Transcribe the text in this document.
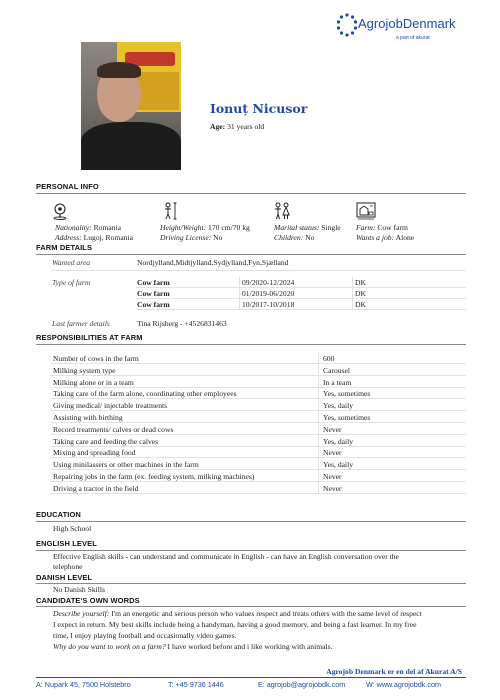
AgrojobDenmark
a part of akurat
Ionuț Nicusor
Age: 31 years old
PERSONAL INFO
Nationality: Romania
Address: Lugoj, Romania
Height/Weight: 170 cm/70 kg
Driving License: No
Marital status: Single
Children: No
Farm: Cow farm
Wants a job: Alone
FARM DETAILS
Wanted area	Nordjylland,Midtjylland,Sydjylland,Fyn,Sjælland
Type of farm	Cow farm	09/2020-12/2024	DK
Cow farm	01/2019-06/2020	DK
Cow farm	10/2017-10/2018	DK
Last farmer details	Tina Rijsberg - +4526831463
RESPONSIBILITIES AT FARM
Number of cows in the farm	600
Milking system type	Carousel
Milking alone or in a team	In a team
Taking care of the farm alone, coordinating other employees	Yes, sometimes
Giving medical/ injectable treatments	Yes, daily
Assisting with birthing	Yes, sometimes
Record treatments/ calves or dead cows	Never
Taking care and feeding the calves	Yes, daily
Mixing and spreading food	Never
Using minilassers or other machines in the farm	Yes, daily
Repairing jobs in the farm (ex. feeding system, milking machines)	Never
Driving a tractor in the field	Never
EDUCATION
High School
ENGLISH LEVEL
Effective English skills - can understand and communicate in English - can have an English conversation over the
telephone
DANISH LEVEL
No Danish Skills
CANDIDATE'S OWN WORDS
Describe yourself: I'm an energetic and serious person who values respect and treats others with the same level of respect
I expect in return. My best skills include being a handyman, having a good memory, and being a fast learner. In my free
time, I enjoy playing football and occasionally video games.
Why do you want to work on a farm? I have worked before and i like working with animals.
Agrojob Denmark er en del af Akurat A/S
A: Nupark 45, 7500 Holstebro	T: +45 9736 1446	E: agrojob@agrojobdk.com	W: www.agrojobdk.com
